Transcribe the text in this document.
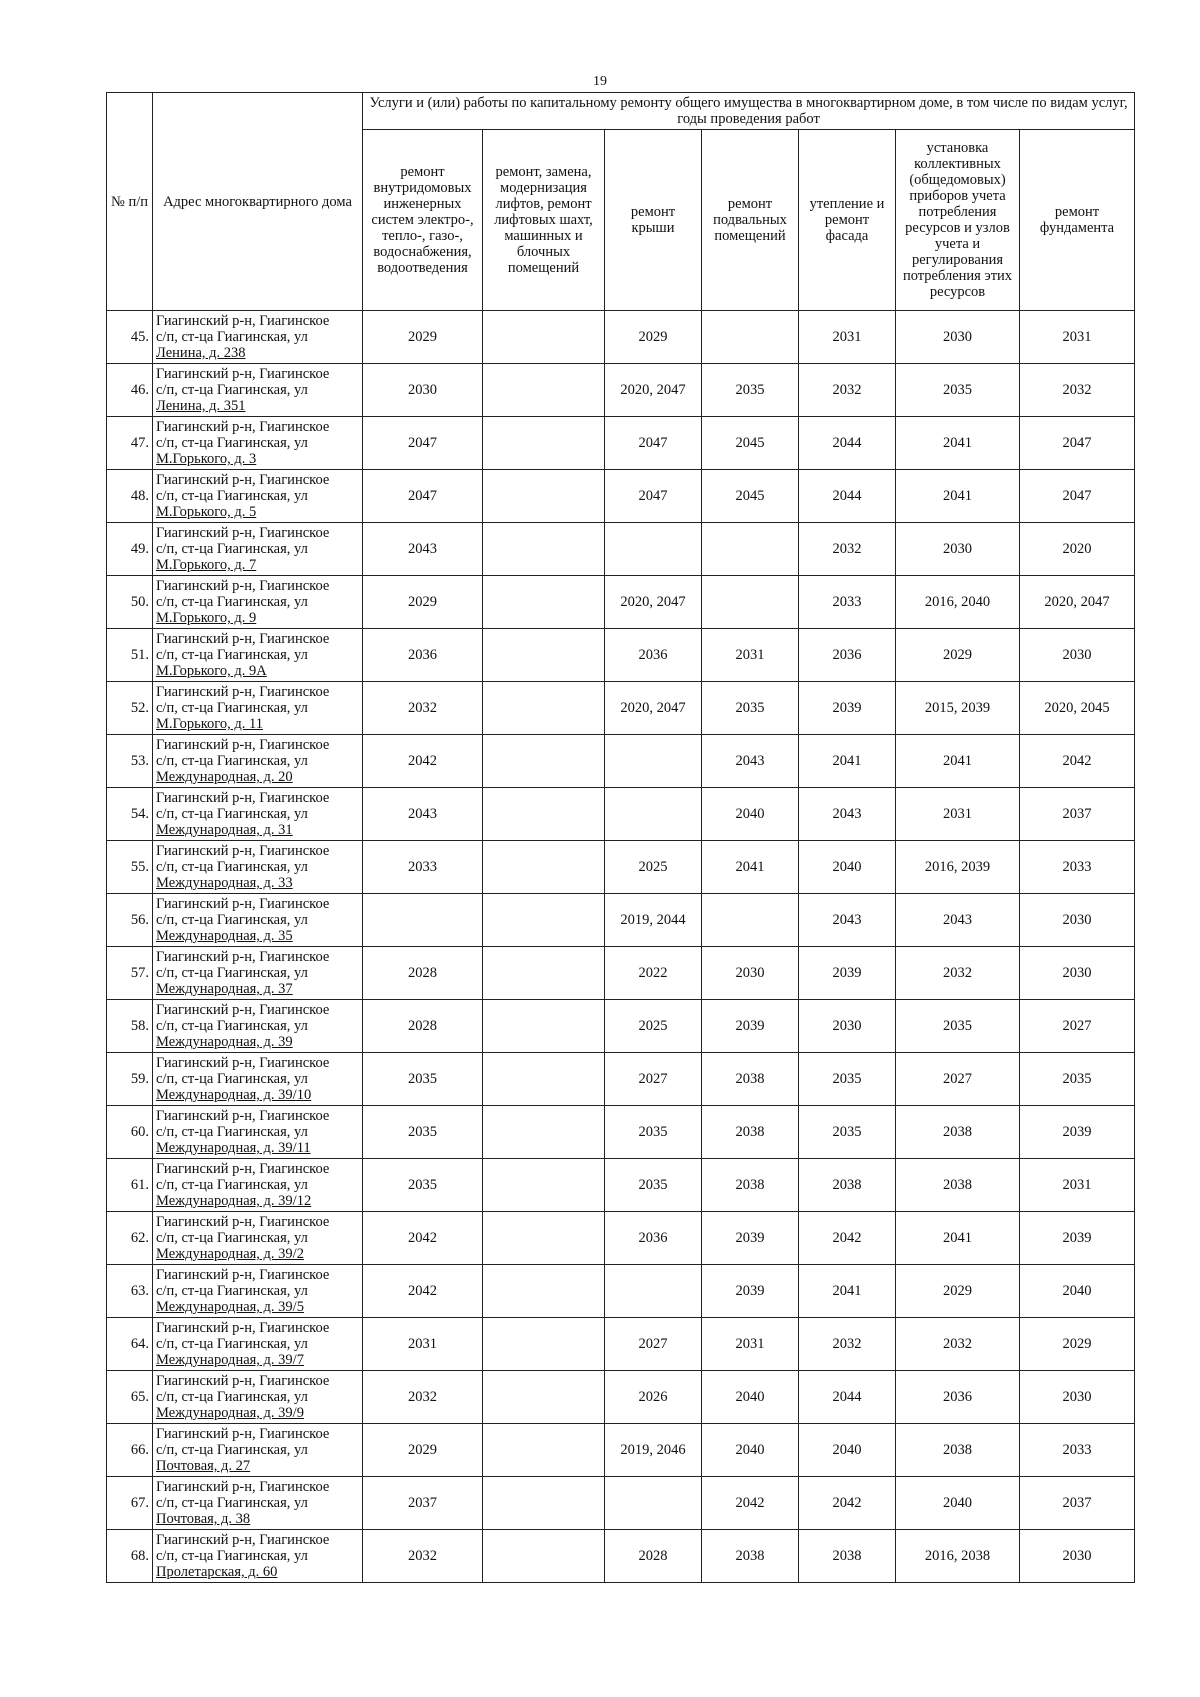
19
№ п/п	Адрес многоквартирного дома	Услуги и (или) работы по капитальному ремонту общего имущества в многоквартирном доме, в том числе по видам услуг, годы проведения работ						
		ремонт внутридомовых инженерных систем электро-, тепло-, газо-, водоснабжения, водоотведения	ремонт, замена, модернизация лифтов, ремонт лифтовых шахт, машинных и блочных помещений	ремонт крыши	ремонт подвальных помещений	утепление и ремонт фасада	установка коллективных (общедомовых) приборов учета потребления ресурсов и узлов учета и регулирования потребления этих ресурсов	ремонт фундамента
45.	Гиагинский р-н, Гиагинское
с/п, ст-ца Гиагинская, ул
Ленина, д. 238	2029		2029		2031	2030	2031
46.	Гиагинский р-н, Гиагинское
с/п, ст-ца Гиагинская, ул
Ленина, д. 351	2030		2020, 2047	2035	2032	2035	2032
47.	Гиагинский р-н, Гиагинское
с/п, ст-ца Гиагинская, ул
М.Горького, д. 3	2047		2047	2045	2044	2041	2047
48.	Гиагинский р-н, Гиагинское
с/п, ст-ца Гиагинская, ул
М.Горького, д. 5	2047		2047	2045	2044	2041	2047
49.	Гиагинский р-н, Гиагинское
с/п, ст-ца Гиагинская, ул
М.Горького, д. 7	2043				2032	2030	2020
50.	Гиагинский р-н, Гиагинское
с/п, ст-ца Гиагинская, ул
М.Горького, д. 9	2029		2020, 2047		2033	2016, 2040	2020, 2047
51.	Гиагинский р-н, Гиагинское
с/п, ст-ца Гиагинская, ул
М.Горького, д. 9А	2036		2036	2031	2036	2029	2030
52.	Гиагинский р-н, Гиагинское
с/п, ст-ца Гиагинская, ул
М.Горького, д. 11	2032		2020, 2047	2035	2039	2015, 2039	2020, 2045
53.	Гиагинский р-н, Гиагинское
с/п, ст-ца Гиагинская, ул
Международная, д. 20	2042			2043	2041	2041	2042
54.	Гиагинский р-н, Гиагинское
с/п, ст-ца Гиагинская, ул
Международная, д. 31	2043			2040	2043	2031	2037
55.	Гиагинский р-н, Гиагинское
с/п, ст-ца Гиагинская, ул
Международная, д. 33	2033		2025	2041	2040	2016, 2039	2033
56.	Гиагинский р-н, Гиагинское
с/п, ст-ца Гиагинская, ул
Международная, д. 35			2019, 2044		2043	2043	2030
57.	Гиагинский р-н, Гиагинское
с/п, ст-ца Гиагинская, ул
Международная, д. 37	2028		2022	2030	2039	2032	2030
58.	Гиагинский р-н, Гиагинское
с/п, ст-ца Гиагинская, ул
Международная, д. 39	2028		2025	2039	2030	2035	2027
59.	Гиагинский р-н, Гиагинское
с/п, ст-ца Гиагинская, ул
Международная, д. 39/10	2035		2027	2038	2035	2027	2035
60.	Гиагинский р-н, Гиагинское
с/п, ст-ца Гиагинская, ул
Международная, д. 39/11	2035		2035	2038	2035	2038	2039
61.	Гиагинский р-н, Гиагинское
с/п, ст-ца Гиагинская, ул
Международная, д. 39/12	2035		2035	2038	2038	2038	2031
62.	Гиагинский р-н, Гиагинское
с/п, ст-ца Гиагинская, ул
Международная, д. 39/2	2042		2036	2039	2042	2041	2039
63.	Гиагинский р-н, Гиагинское
с/п, ст-ца Гиагинская, ул
Международная, д. 39/5	2042			2039	2041	2029	2040
64.	Гиагинский р-н, Гиагинское
с/п, ст-ца Гиагинская, ул
Международная, д. 39/7	2031		2027	2031	2032	2032	2029
65.	Гиагинский р-н, Гиагинское
с/п, ст-ца Гиагинская, ул
Международная, д. 39/9	2032		2026	2040	2044	2036	2030
66.	Гиагинский р-н, Гиагинское
с/п, ст-ца Гиагинская, ул
Почтовая, д. 27	2029		2019, 2046	2040	2040	2038	2033
67.	Гиагинский р-н, Гиагинское
с/п, ст-ца Гиагинская, ул
Почтовая, д. 38	2037			2042	2042	2040	2037
68.	Гиагинский р-н, Гиагинское
с/п, ст-ца Гиагинская, ул
Пролетарская, д. 60	2032		2028	2038	2038	2016, 2038	2030
